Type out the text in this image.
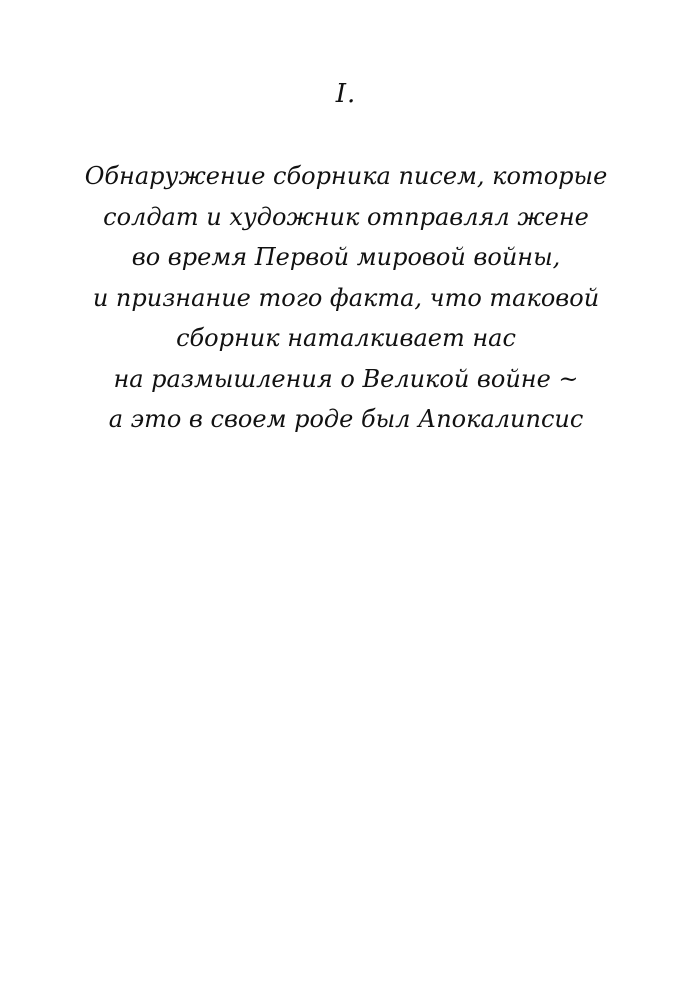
I.
Обнаружение сборника писем, которые
солдат и художник отправлял жене
во время Первой мировой войны,
и признание того факта, что таковой
сборник наталкивает нас
на размышления о Великой войне ~
а это в своем роде был Апокалипсис
